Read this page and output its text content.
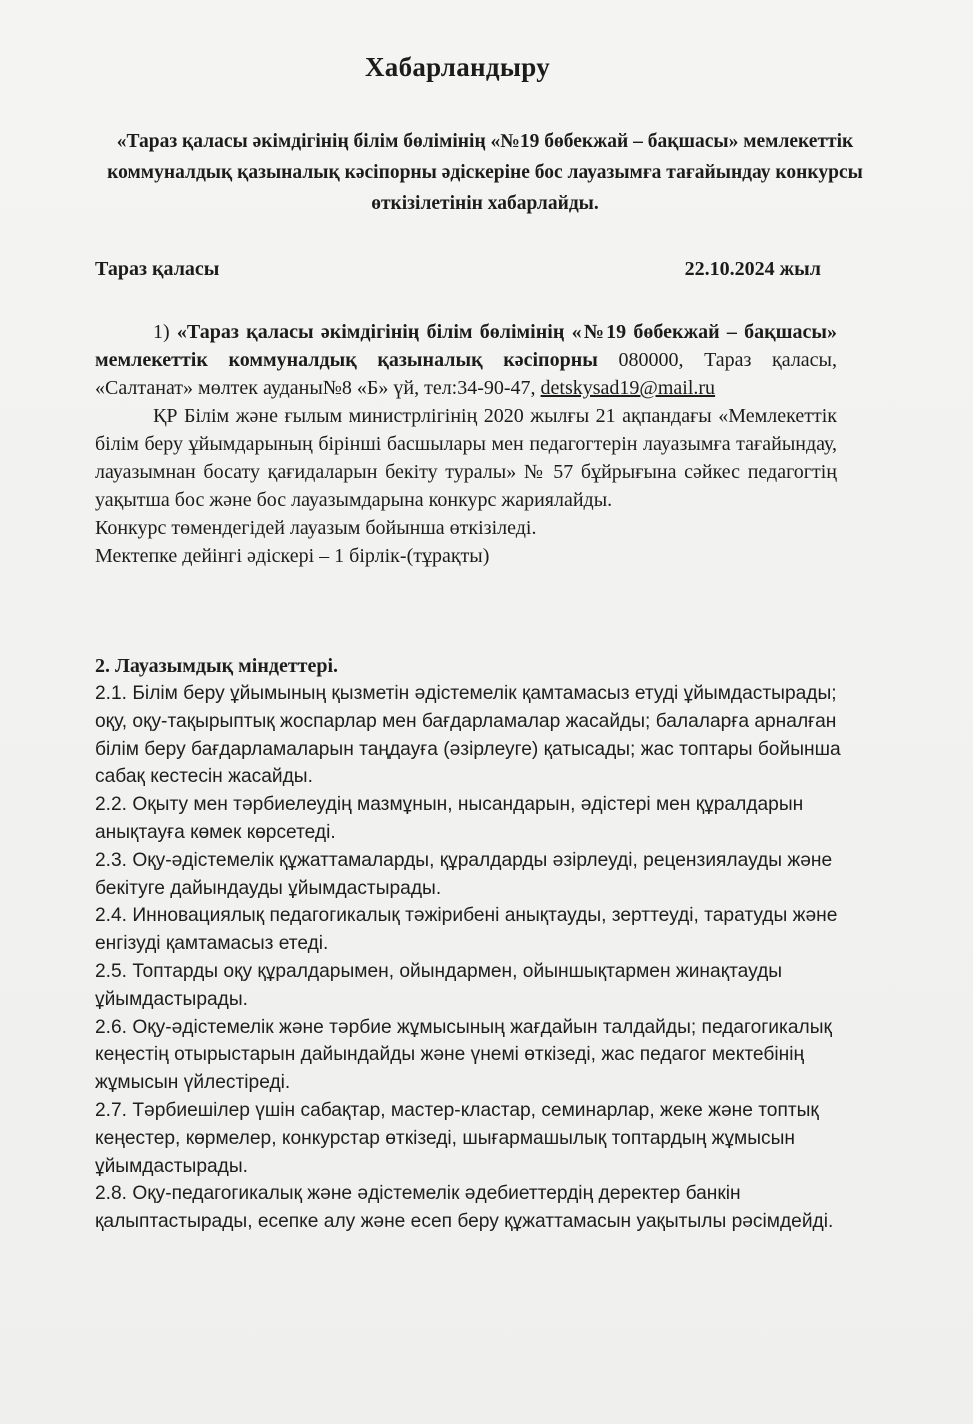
Хабарландыру
«Тараз қаласы әкімдігінің білім бөлімінің «№19 бөбекжай – бақшасы» мемлекеттік коммуналдық қазыналық кәсіпорны әдіскеріне бос лауазымға тағайындау конкурсы өткізілетінін хабарлайды.
Тараз қаласы	22.10.2024 жыл

1) «Тараз қаласы әкімдігінің білім бөлімінің «№19 бөбекжай – бақшасы» мемлекеттік коммуналдық қазыналық кәсіпорны 080000, Тараз қаласы, «Салтанат» мөлтек ауданы№8 «Б» үй, тел:34-90-47, detskysad19@mail.ru

ҚР Білім және ғылым министрлігінің 2020 жылғы 21 ақпандағы «Мемлекеттік білім беру ұйымдарының бірінші басшылары мен педагогтерін лауазымға тағайындау, лауазымнан босату қағидаларын бекіту туралы» № 57 бұйрығына сәйкес педагогтің уақытша бос және бос лауазымдарына конкурс жариялайды.

Конкурс төмендегідей лауазым бойынша өткізіледі.

Мектепке дейінгі әдіскері – 1 бірлік-(тұрақты)

2. Лауазымдық міндеттері.

2.1. Білім беру ұйымының қызметін әдістемелік қамтамасыз етуді ұйымдастырады; оқу, оқу-тақырыптық жоспарлар мен бағдарламалар жасайды; балаларға арналған білім беру бағдарламаларын таңдауға (әзірлеуге) қатысады; жас топтары бойынша сабақ кестесін жасайды.

2.2. Оқыту мен тәрбиелеудің мазмұнын, нысандарын, әдістері мен құралдарын анықтауға көмек көрсетеді.

2.3. Оқу-әдістемелік құжаттамаларды, құралдарды әзірлеуді, рецензиялауды және бекітуге дайындауды ұйымдастырады.

2.4. Инновациялық педагогикалық тәжірибені анықтауды, зерттеуді, таратуды және енгізуді қамтамасыз етеді.

2.5. Топтарды оқу құралдарымен, ойындармен, ойыншықтармен жинақтауды ұйымдастырады.

2.6. Оқу-әдістемелік және тәрбие жұмысының жағдайын талдайды; педагогикалық кеңестің отырыстарын дайындайды және үнемі өткізеді, жас педагог мектебінің жұмысын үйлестіреді.

2.7. Тәрбиешілер үшін сабақтар, мастер-кластар, семинарлар, жеке және топтық кеңестер, көрмелер, конкурстар өткізеді, шығармашылық топтардың жұмысын ұйымдастырады.

2.8. Оқу-педагогикалық және әдістемелік әдебиеттердің деректер банкін қалыптастырады, есепке алу және есеп беру құжаттамасын уақытылы рәсімдейді.
